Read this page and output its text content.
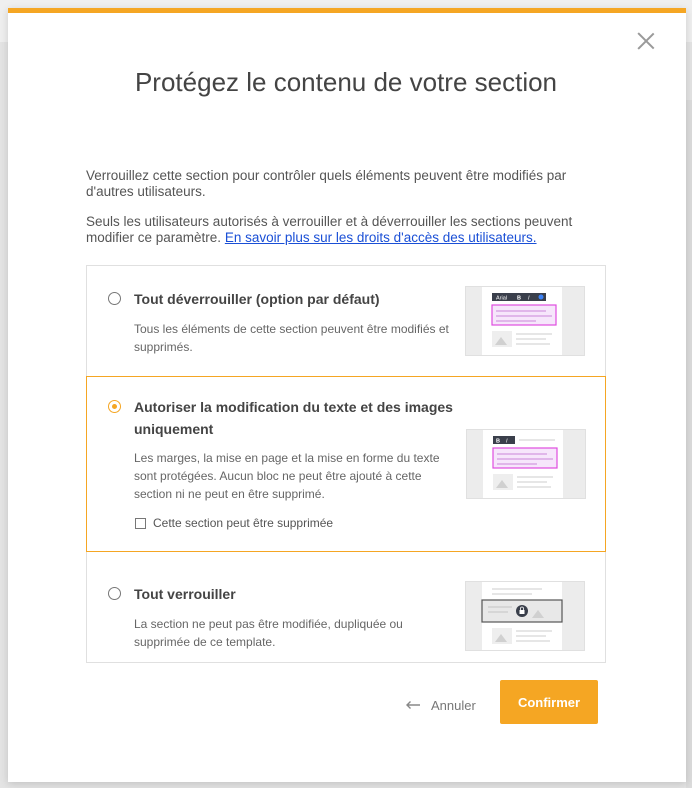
Protégez le contenu de votre section

Verrouillez cette section pour contrôler quels éléments peuvent être modifiés par d'autres utilisateurs.

Seuls les utilisateurs autorisés à verrouiller et à déverrouiller les sections peuvent modifier ce paramètre. En savoir plus sur les droits d'accès des utilisateurs.

Tout déverrouiller (option par défaut)
Tous les éléments de cette section peuvent être modifiés et supprimés.
Arial B I
Autoriser la modification du texte et des images uniquement
Les marges, la mise en page et la mise en forme du texte sont protégées. Aucun bloc ne peut être ajouté à cette section ni ne peut en être supprimé.
Cette section peut être supprimée
B I
Tout verrouiller
La section ne peut pas être modifiée, dupliquée ou supprimée de ce template.
Annuler	Confirmer
